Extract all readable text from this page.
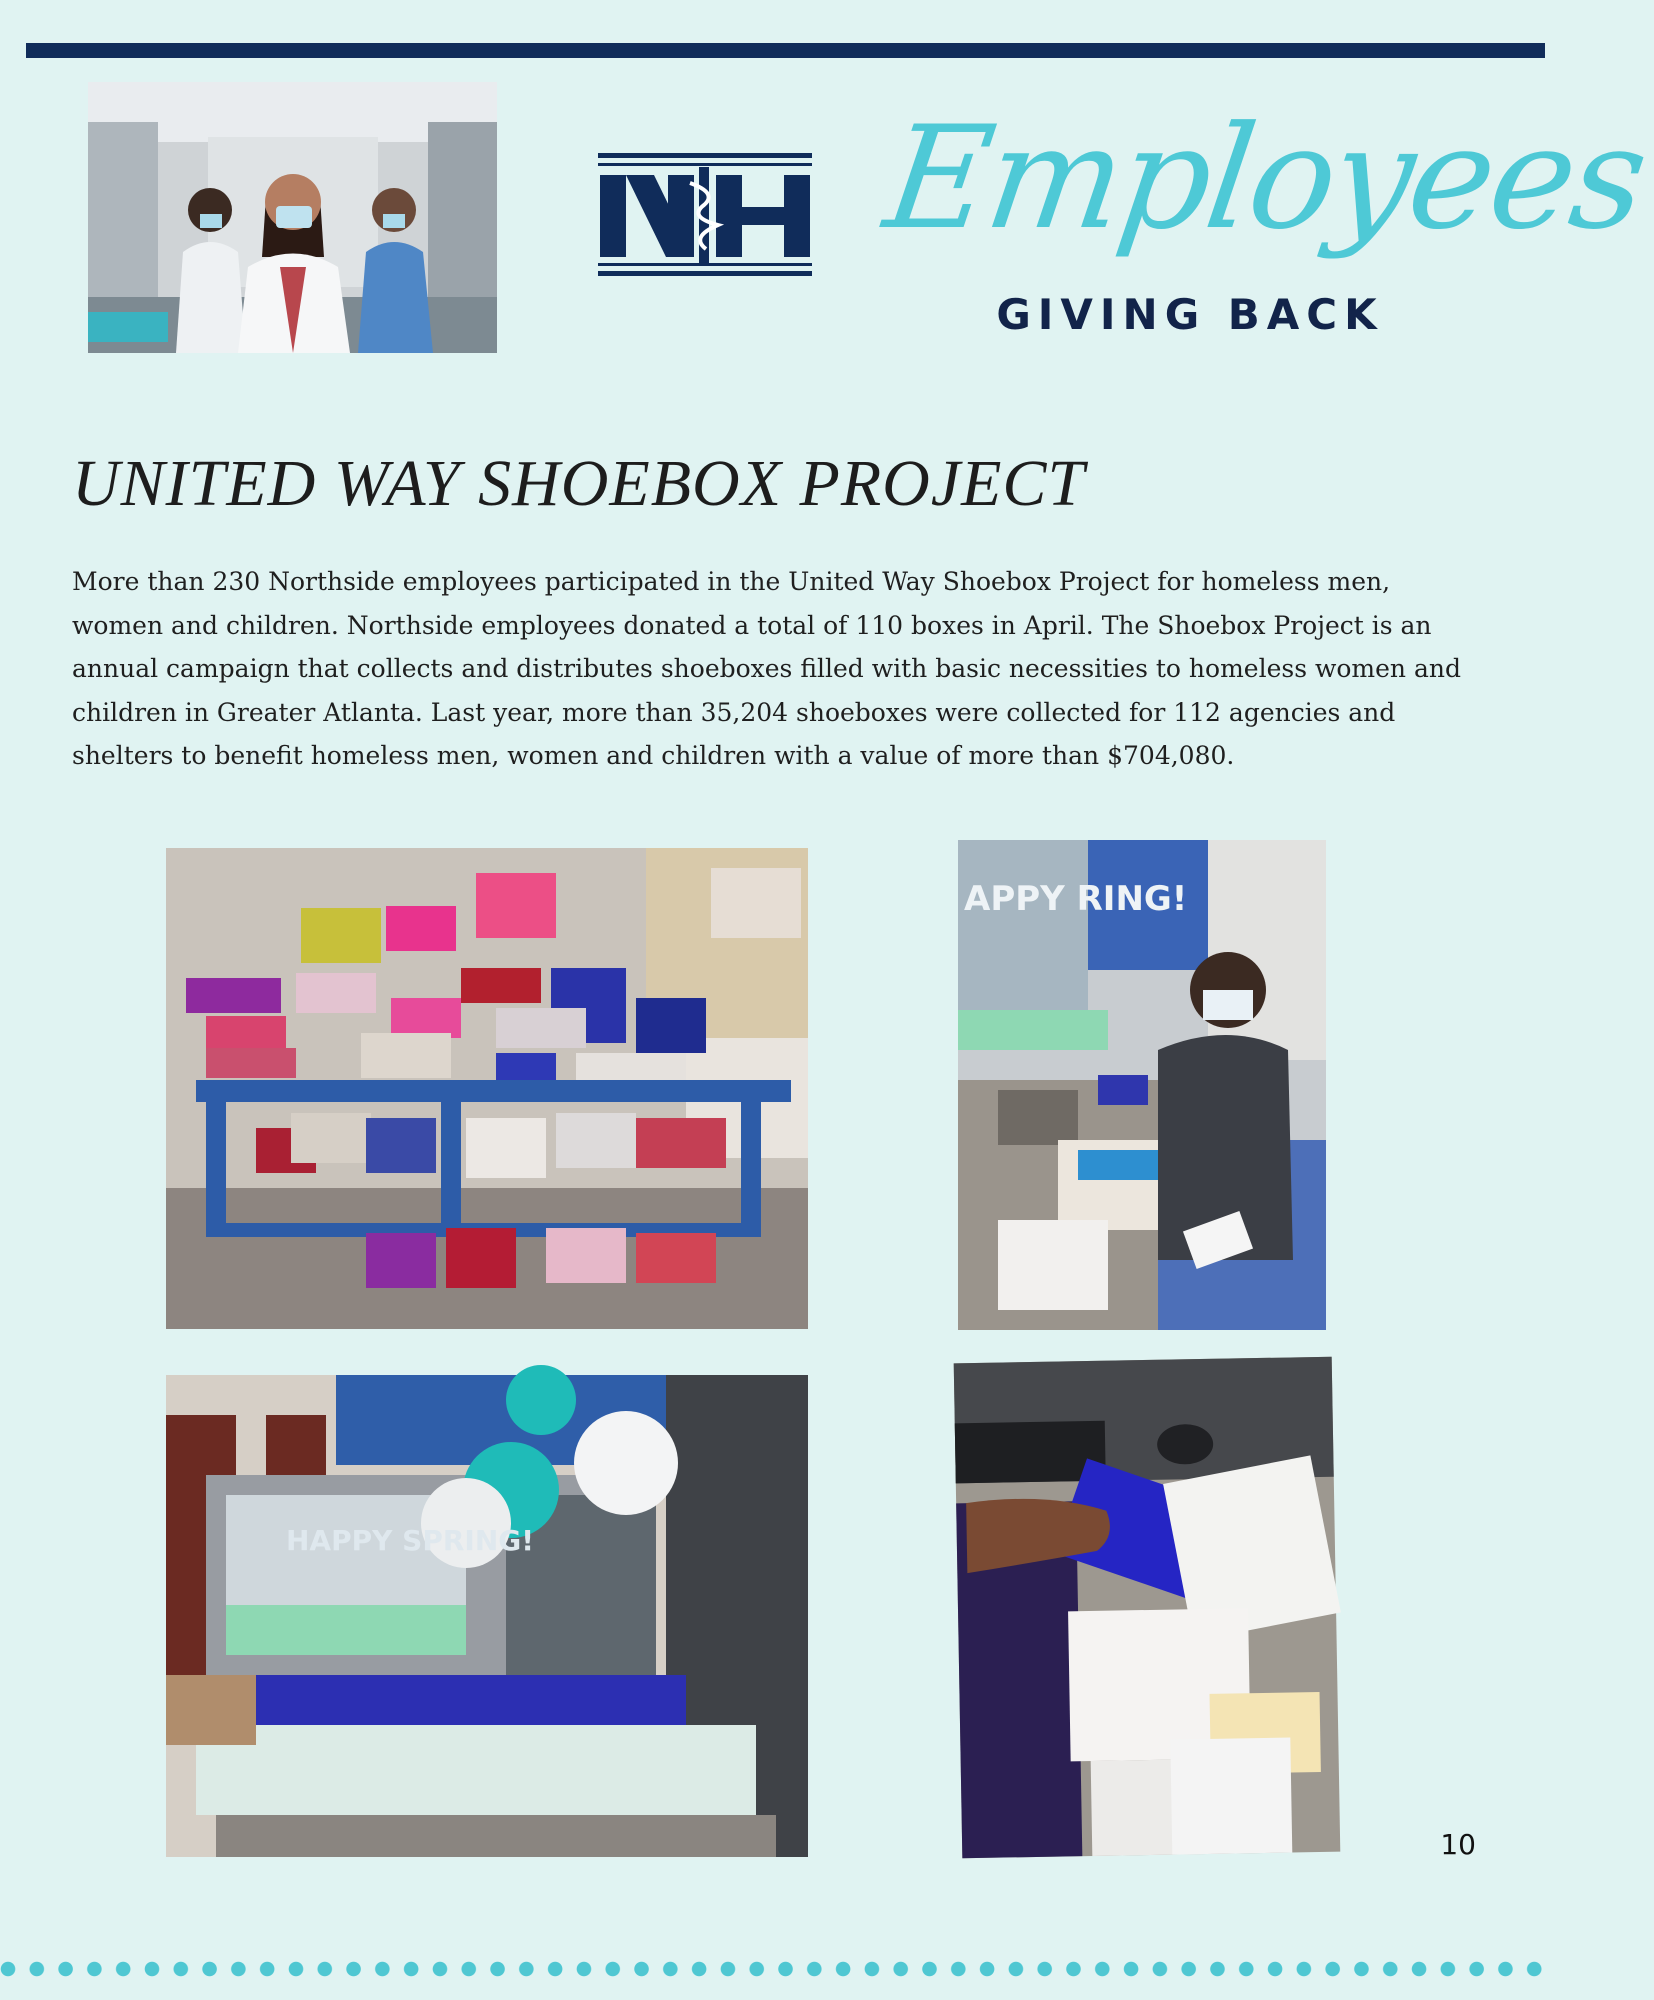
Employees
GIVING BACK
UNITED WAY SHOEBOX PROJECT

More than 230 Northside employees participated in the United Way Shoebox Project for homeless men, women and children. Northside employees donated a total of 110 boxes in April. The Shoebox Project is an annual campaign that collects and distributes shoeboxes filled with basic necessities to homeless women and children in Greater Atlanta. Last year, more than 35,204 shoeboxes were collected for 112 agencies and shelters to benefit homeless men, women and children with a value of more than $704,080.

APPY RING!
HAPPY SPRING!
10
